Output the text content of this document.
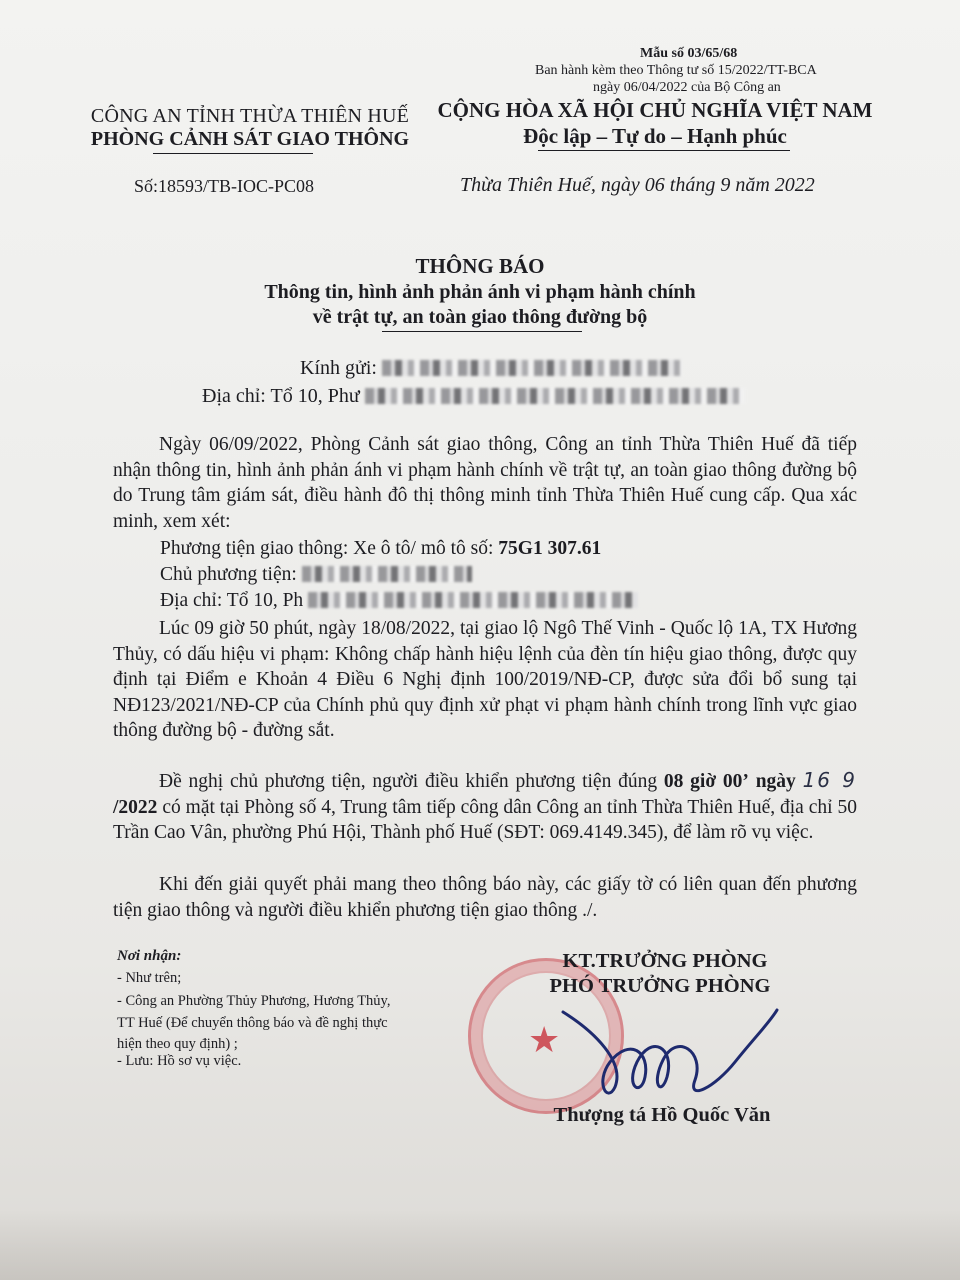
Mẫu số 03/65/68
Ban hành kèm theo Thông tư số 15/2022/TT-BCA
ngày 06/04/2022 của Bộ Công an
CÔNG AN TỈNH THỪA THIÊN HUẾ
PHÒNG CẢNH SÁT GIAO THÔNG
Số:18593/TB-IOC-PC08
CỘNG HÒA XÃ HỘI CHỦ NGHĨA VIỆT NAM
Độc lập – Tự do – Hạnh phúc
Thừa Thiên Huế, ngày 06 tháng 9 năm 2022
THÔNG BÁO
Thông tin, hình ảnh phản ánh vi phạm hành chính
về trật tự, an toàn giao thông đường bộ
Kính gửi:
Địa chỉ: Tổ 10, Phư
Ngày 06/09/2022, Phòng Cảnh sát giao thông, Công an tỉnh Thừa Thiên Huế đã tiếp nhận thông tin, hình ảnh phản ánh vi phạm hành chính về trật tự, an toàn giao thông đường bộ do Trung tâm giám sát, điều hành đô thị thông minh tỉnh Thừa Thiên Huế cung cấp. Qua xác minh, xem xét:
Phương tiện giao thông: Xe ô tô/ mô tô số: 75G1 307.61
Chủ phương tiện:
Địa chỉ: Tổ 10, Ph
Lúc 09 giờ 50 phút, ngày 18/08/2022, tại giao lộ Ngô Thế Vinh - Quốc lộ 1A, TX Hương Thủy, có dấu hiệu vi phạm: Không chấp hành hiệu lệnh của đèn tín hiệu giao thông, được quy định tại Điểm e Khoản 4 Điều 6 Nghị định 100/2019/NĐ-CP, được sửa đổi bổ sung tại NĐ123/2021/NĐ-CP của Chính phủ quy định xử phạt vi phạm hành chính trong lĩnh vực giao thông đường bộ - đường sắt.
Đề nghị chủ phương tiện, người điều khiển phương tiện đúng 08 giờ 00’ ngày 16 9 /2022 có mặt tại Phòng số 4, Trung tâm tiếp công dân Công an tỉnh Thừa Thiên Huế, địa chỉ 50 Trần Cao Vân, phường Phú Hội, Thành phố Huế (SĐT: 069.4149.345), để làm rõ vụ việc.
Khi đến giải quyết phải mang theo thông báo này, các giấy tờ có liên quan đến phương tiện giao thông và người điều khiển phương tiện giao thông ./.
Nơi nhận:
- Như trên;
- Công an Phường Thủy Phương, Hương Thủy,
TT Huế (Để chuyển thông báo và đề nghị thực
hiện theo quy định) ;
- Lưu: Hồ sơ vụ việc.	★
KT.TRƯỞNG PHÒNG
PHÓ TRƯỞNG PHÒNG
Thượng tá Hồ Quốc Văn
